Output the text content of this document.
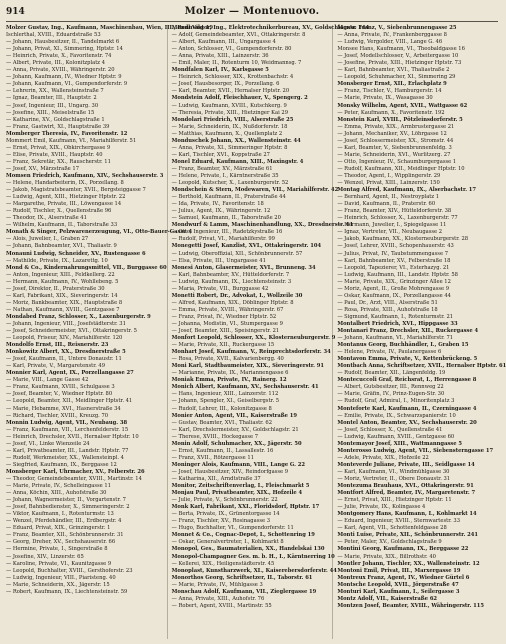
914	Molzer — Montenuovo.
Molzer Gustav, Ing., Kaufmann, Maschinenbau, Wien, III., Rennweg 19
Ischlerthal, XVIII., Eduardstraße 53
— Johann, Hausbesitzer, II., Tandelmarkt 6
— Johann, Privat, XI., Simmering, Hptstr. 14
— Heinrich, Private, X., Favoritenstr. 74
— Albert, Private, III., Kolonitzplatz 4
— Anna, Private, XVIII., Währingerstr. 20
— Johann, Kaufmann, IV., Wiedner Hptstr. 9
— Johann, Kaufmann, VI., Gumpendorferstr. 9
— Lehrerin, XX., Wallensteinstraße 7
— Ignaz, Beamter, III., Hauptstr. 2
— Josef, Ingenieur, III., Ungarg. 30
— Josefine, XIII., Meiselstraße 15
— Katharine, XV., Goldschlagstraße 1
— Franz, Gastwirt, XI., Hauptstraße 39
Momberger Theresia, IV., Favoritenstr. 12
Mommert Emil, Kaufmann, VI., Mariahilferstr. 51
— Ernst, Privat, XIX., Obkirchergasse 9
— Elise, Private, XVIII., Hauptstr. 40
— Franz, Sekretär, XX., Rauscherstr. 11
— Josef, XV., Märzstraße 17
Momsen Friedrich, Kaufmann, XIV., Sechshauserstr. 3
— Helene, Handarbeiterin, IX., Porzellang. 8
— Jakob, Magistratsbeamter, XVII., Bergsteiggasse 7
— Ludwig, Agent, XIII., Hietzinger Hptstr. 22
— Margarethe, Private, III., Löwengasse 14
— Rudolf, Tischler, X., Quellenstraße 96
— Theodor, IX., Alserstraße 41
— Wilhelm, Kaufmann, II., Taborstraße 33
Monath & Singer, Pelzwarenerzeugung, VI., Otto-Bauer-Gasse 4
— Alois, Juwelier, I., Graben 27
— Johann, Bahnbeamter, XVI., Thaliastr. 9
Monauni Ludwig, Schneider, XV., Rustengasse 6
— Mathilde, Private, IX., Lazarettg. 10
Mond & Co., Kindernahrungsmittel, VII., Burggasse 60
— Anton, Ingenieur, XIII., Feldkellerg. 22
— Hermann, Kaufmann, IV., Wohllebeng. 5
— Josef, Direktor, II., Praterstraße 30
— Karl, Fabrikant, XIX., Sieveringerstr. 14
— Moriz, Bankbeamter, XIX., Hauptstraße 8
— Nathan, Kaufmann, XVIII., Gentzgasse 7
Mondabed Franz, Schlosser, X., Laxenburgerstr. 9
— Johann, Ingenieur, VIII., Josefstädterstr. 31
— Josef, Schneidermeister, XVI., Ottakringerstr. 5
— Leopold, Friseur, XIV., Mariahilferstr. 120
Mondolfo Ernst, III., Reisnerstr. 23
Monkowitz Albert, XX., Dresdnerstraße 5
— Josef, Kaufmann, II., Untere Donaustr. 11
— Karl, Private, V., Margaretenstr. 49
Monnier Karl, Agent, IX., Porzellangasse 27
— Marie, VIII., Lange Gasse 42
— Franz, Kaufmann, XVIII., Schulgasse 3
— Josef, Beamter, V., Wiedner Hptstr. 80
— Leopold, Beamter, XII., Meidlinger Hptstr. 41
— Marie, Hebamme, XVI., Hasnerstraße 34
— Richard, Tischler, XVIII., Kreuzg. 70
Monnin Ludwig, Agent, VII., Neubaug. 38
— Franz, Kaufmann, VII., Lerchenfelderstr. 15
— Heinrich, Drechsler, XVII., Hernalser Hptstr. 10
— Josef, VI., Linke Wienzeile 24
— Karl, Privatbeamter, III., Landstr. Hptstr. 77
— Rudolf, Werkmeister, XX., Wallensteinpl. 4
— Siegfried, Kaufmann, IX., Berggasse 12
Monsberger Karl, Uhrmacher, XV., Felberstr. 26
— Theodor, Gemeindebeamter, XVIII., Martinstr. 14
— Marie, Private, IV., Schelleingasse 11
— Anna, Köchin, XIII., Auhofstraße 30
— Johann, Wagnermeister, II., Vorgartenstr. 7
— Josef, Bahnbedienster, X., Simmeringerstr. 2
— Viktor, Kaufmann, I., Rotenturmstr. 13
— Wenzel, Pferdehändler, III., Erdbergstr. 4
— Eduard, Privat, XIX., Grinzingerstr. 1
— Franz, Beamter, XII., Schönbrunnerstr. 31
— Georg, Dreher, XV., Sechshauserstr. 66
— Hermine, Private, I., Singerstraße 8
— Josefine, XIV., Linzerstr. 65
— Karoline, Private, VI., Kaunitzgasse 9
— Leopold, Buchhalter, XVIII., Gersthoferstr. 23
— Ludwig, Ingenieur, VIII., Piaristeng. 40
— Marie, Schneiderin, XX., Jägerstr. 15
— Robert, Kaufmann, IX., Liechtensteinstr. 59
Mondl Viktor, Ing., Elektrotechnikerbureau, XV., Goldschlagstr. 144
— Adolf, Gemeindebeamter, XVI., Ottakringerstr. 8
— Albert, Kaufmann, III., Ungargasse 4
— Anton, Schlosser, VI., Gumpendorferstr. 80
— Anna, Private, XIII., Lainzerstr. 36
— Emil, Maler, II., Rotenturm 10, Weidmannsg. 7
Mondfalen Karl, IV., Karlsgasse 5
— Heinrich, Schlosser, XIX., Krottenbachstr. 4
— Josef, Hausbesorger, IX., Porzellang. 6
— Karl, Beamter, XVII., Hernalser Hptstr. 20
Mondstein Adolf, Fleischhauer, V., Spengerg. 2
— Ludwig, Kaufmann, XVIII., Kutschkerg. 9
— Theresia, Private, XIII., Hietzinger Kai 29
Mondolari Friedrich, VIII., Alserstraße 25
— Marie, Schneiderin, IX., Nußdorferstr. 18
— Matthias, Kaufmann, X., Quellenplatz 2
Monduschek Johann, XX., Wallensteinstr. 44
— Anna, Private, XI., Simmeringer Hptstr. 8
— Karl, Tischler, XVI., Koppstraße 27
Monel Eduard, Kaufmann, XIII., Maxingstr. 4
— Franz, Beamter, XV., Märzstraße 61
— Helene, Private, I., Kärntnerstraße 35
— Leopold, Kutscher, X., Laxenburgerstr. 52
Mondschein & Stern, Modewaren, VII., Mariahilferstr. 42
— Berthold, Kaufmann, II., Praterstraße 44
— Ida, Private, IV., Favoritenstr. 18
— Julius, Agent, IX., Währingerstr. 12
— Samuel, Kaufmann, II., Taborstraße 20
Mondwurf & Lamm, Maschinenhandlung, XX., Dresdnerstr. 61
— Otto, Ingenieur, III., Radetzkystraße 16
— Rudolf, Privat, VI., Mariahilferstr. 99
Monegetti Josef, Kanzlist, XVI., Ottakringerstr. 104
— Ludwig, Oberoffizial, XII., Schönbrunnerstr. 57
— Elsa, Private, III., Ungargasse 41
Monesi Anton, Glasermeister, XVI., Brunneng. 34
— Karl, Bahnbeamter, XV., Hütteldorferstr. 7
— Ludwig, Kaufmann, IX., Liechtensteinstr. 3
— Maria, Private, VII., Burggasse 42
Monetti Robert, Dr., Advokat, I., Wollzeile 30
— Alfred, Kaufmann, XIX., Döblinger Hptstr. 8
— Emma, Private, XVIII., Währingerstr. 67
— Franz, Privat, IV., Wiedner Hptstr. 52
— Johanna, Modistin, VI., Stumpergasse 9
— Josef, Beamter, XIII., Speisingerstr. 21
Monfort Leopold, Schlosser, XX., Klosterneuburgerstr. 9
— Marie, Private, XII., Ruckergasse 15
Monhart Josef, Kaufmann, V., Reinprechtsdorferstr. 34
— Rosa, Private, XVII., Kalvarienbergg. 40
Moni Karl, Stadtbaumeister, XIX., Sieveringerstr. 91
— Marianne, Private, IX., Mariannengasse 6
Moniak Emma, Private, IV., Rainerg. 12
Monich Albert, Kaufmann, XV., Sechshauserstr. 41
— Hans, Ingenieur, XIII., Lainzerstr. 112
— Johann, Spengler, XI., Geiselbergstr. 5
— Rudolf, Lehrer, III., Kolonitzgasse 8
Monier Anton, Agent, VII., Kaiserstraße 19
— Gustav, Beamter, XVI., Thaliastr. 62
— Karl, Drechslermeister, XV., Goldschlagstr. 21
— Therese, XVIII., Hockegasse 7
Monin Adolf, Schuhmacher, XX., Jägerstr. 50
— Ernst, Kaufmann, II., Lassallestr. 16
— Franz, XVII., Rötzergasse 11
Moninger Alois, Kaufmann, VIII., Lange G. 22
— Josef, Hausbesitzer, XIV., Reindorfgasse 9
— Katharina, XII., Arndtstraße 37
Monitor, Zeitschriftenverlag, I., Fleischmarkt 5
Monjau Paul, Privatbeamter, XIX., Hofzeile 4
— Julie, Private, V., Schönbrunnerstr. 22
Monk Karl, Fabrikant, XXI., Floridsdorf, Hptstr. 17
— Berta, Private, IX., Grünentorgasse 14
— Franz, Tischler, XV., Rosinagasse 3
— Hugo, Buchhalter, VI., Gumpendorferstr. 11
Monnet & Co., Cognac-Depot, I., Schottenring 19
— Oskar, Generalvertreter, I., Kohlmarkt 8
Monopol, Ges., Baumaterialien, XX., Handelskai 130
Monopol-Champagner Ges. m. b. H., I., Kärntnerring 10
— Kellerei, XIX., Heiligenstädterstr. 45
Monoplast, Kunstharzwerk, XI., Kaiserebersdorferstr. 44
Monorthos Georg, Schriftsetzer, II., Taborstr. 61
— Marie, Private, IV., Mühlgasse 3
Monschau Adolf, Kaufmann, VII., Zieglergasse 19
— Anna, Private, XIII., Auhofstr. 76
— Robert, Agent, XVIII., Martinstr. 55
Monse Franz, V., Siebenbrunnengasse 25
— Anna, Private, IV., Frankenberggasse 8
— Ludwig, Vergolder, VIII., Lange G. 46
Monsee Hans, Kaufmann, VI., Theobaldgasse 16
— Josef, Modellschlosser, V., Arbeitergasse 10
— Josefine, Private, XIII., Hietzinger Hptstr. 73
— Karl, Bahnbeamter, XVI., Thaliastraße 2
— Leopold, Schuhmacher, XI., Simmering 29
Monsberger Ernst, XII., Erlachplatz 9
— Franz, Tischler, V., Hamburgerstr. 14
— Marie, Private, IX., Wasagasse 30
Monsky Wilhelm, Agent, XVII., Wattgasse 62
— Peter, Kaufmann, X., Favoritenstr. 192
Monstein Karl, XVIII., Pötzleinsdorferstr. 5
— Emma, Private, XIX., Armbrustergasse 21
— Johann, Mechaniker, XV., Löhrgasse 12
— Josef, Schlossermeister, XX., Stromstr. 44
— Karl, Beamter, V., Siebenbrunnenfeldg. 3
— Marie, Schneiderin, XVI., Wurlitzerg. 27
— Otto, Ingenieur, IV., Schaumburgergasse 1
— Rudolf, Kaufmann, XII., Meidlinger Hptstr. 10
— Theodor, Agent, I., Wipplingerstr. 29
— Wenzel, Privat, XIII., Lainzerstr. 150
Montag Alfred, Kaufmann, IX., Alserbachstr. 17
— Bernhard, Agent, II., Nestroyplatz 1
— David, Kaufmann, II., Praterstr. 60
— Franz, Beamter, XIV., Hütteldorferstr. 38
— Heinrich, Schlosser, X., Laxenburgerstr. 77
— Hermann, Juwelier, I., Spiegelgasse 11
— Ignaz, Vertreter, VII., Neubaugasse 2
— Jakob, Kaufmann, XX., Klosterneuburgerstr. 28
— Josef, Lehrer, XVIII., Schopenhauerstr. 43
— Julius, Privat, IV., Taubstummengasse 7
— Karl, Bahnbeamter, XV., Felberstraße 18
— Leopold, Tapezierer, VI., Esterhazyg. 21
— Ludwig, Kaufmann, III., Landstr. Hptstr. 58
— Marie, Private, XIX., Grinzinger Allee 12
— Moriz, Agent, II., Große Mohrengasse 9
— Oskar, Kaufmann, IX., Porzellangasse 44
— Paul, Dr., Arzt, VIII., Alserstraße 51
— Rosa, Private, XIII., Auhofstraße 18
— Sigmund, Kaufmann, I., Rotenturmstr. 21
Montalbert Friedrich, XVI., Hippgasse 33
Montanari Franz, Drechsler, XII., Ruckergasse 4
— Johann, Kaufmann, VI., Mariahilferstr. 71
Montanus Georg, Buchhändler, I., Graben 15
— Helene, Private, IV., Paulanergasse 6
Montavon Emma, Private, V., Kettenbrückeng. 5
Montbach Anna, Schriftsetzer, XVII., Hernalser Hptstr. 61
— Rudolf, Beamter, XII., Längenfeldg. 19
Montecuccoli Graf, Reichsrat, I., Herrengasse 8
— Albert, Gutsbesitzer, III., Rennweg 22
— Marie, Gräfin, IV., Prinz-Eugen-Str. 30
— Rudolf, Graf, Admiral, I., Minoritenplatz 3
Monteforte Karl, Kaufmann, II., Czerningasse 4
— Emilie, Private, IX., Schwarzspanierstr. 10
Montel Anton, Beamter, XV., Sechshauserstr. 20
— Josef, Schlosser, X., Quellenstraße 41
— Ludwig, Kaufmann, XVIII., Gentzgasse 60
Montemayor Josef, XIII., Wattmanngasse 5
Monterosso Ludwig, Agent, VII., Siebensterngasse 17
— Adele, Private, XIX., Hofzeile 22
Monteverde Juliane, Private, III., Seidlgasse 14
— Karl, Kaufmann, VI., Windmühlgasse 30
— Moriz, Vertreter, II., Obere Donaustr. 31
Montezuma Brauhaus, XVI., Ottakringerstr. 91
Montfort Alfred, Beamter, IV., Margaretenstr. 7
— Ernst, Privat, XIII., Hietzinger Hptstr. 11
— Julie, Private, IX., Kolingasse 4
Montgomery Hans, Kaufmann, I., Kohlmarkt 14
— Eduard, Ingenieur, XVIII., Sternwartestr. 33
— Karl, Agent, VII., Schottenfeldgasse 28
Monti Luise, Private, XII., Schönbrunnerstr. 241
— Peter, Maler, XV., Goldschlagstraße 9
Montini Georg, Kaufmann, IX., Berggasse 22
— Marie, Private, XIX., Billrothstr. 40
Montler Johann, Tischler, XX., Wallensteinstr. 12
Montoni Emil, Privat, III., Marxergasse 19
Montreux Franz, Agent, IV., Wiedner Gürtel 6
Montsche Leopold, XVII., Jörgerstraße 47
Monturi Karl, Kaufmann, I., Seilergasse 3
Montz Adolf, VII., Kaiserstraße 62
Montzen Josef, Beamter, XVIII., Währingerstr. 115
